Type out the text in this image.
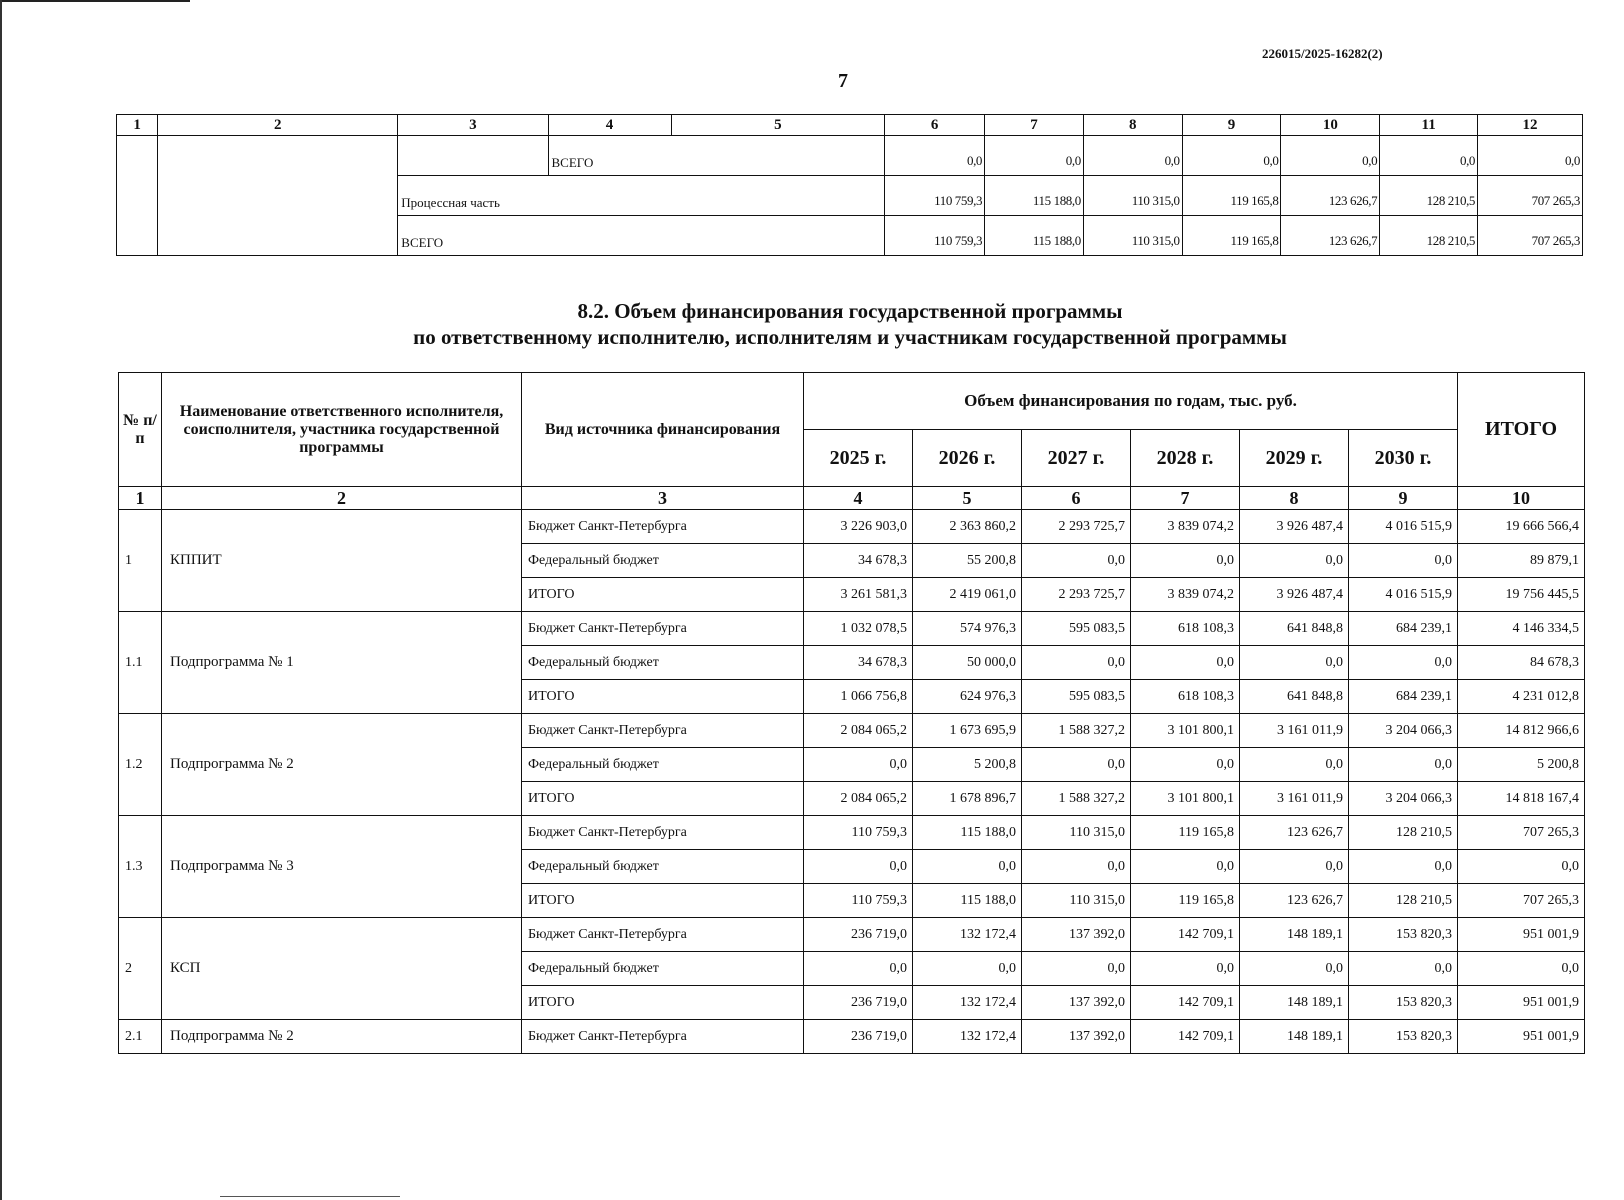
226015/2025-16282(2)
7
1	2	3	4	5	6	7	8	9	10	11	12
			ВСЕГО		0,0	0,0	0,0	0,0	0,0	0,0	0,0
		Процессная часть			110 759,3	115 188,0	110 315,0	119 165,8	123 626,7	128 210,5	707 265,3
		ВСЕГО			110 759,3	115 188,0	110 315,0	119 165,8	123 626,7	128 210,5	707 265,3
8.2. Объем финансирования государственной программы
по ответственному исполнителю, исполнителям и участникам государственной программы
№ п/п	Наименование ответственного исполнителя, соисполнителя, участника государственной программы	Вид источника финансирования	Объем финансирования по годам, тыс. руб.						ИТОГО
			2025 г.	2026 г.	2027 г.	2028 г.	2029 г.	2030 г.	
1	2	3	4	5	6	7	8	9	10
1	КППИТ	Бюджет Санкт-Петербурга	3 226 903,0	2 363 860,2	2 293 725,7	3 839 074,2	3 926 487,4	4 016 515,9	19 666 566,4
		Федеральный бюджет	34 678,3	55 200,8	0,0	0,0	0,0	0,0	89 879,1
		ИТОГО	3 261 581,3	2 419 061,0	2 293 725,7	3 839 074,2	3 926 487,4	4 016 515,9	19 756 445,5
1.1	Подпрограмма № 1	Бюджет Санкт-Петербурга	1 032 078,5	574 976,3	595 083,5	618 108,3	641 848,8	684 239,1	4 146 334,5
		Федеральный бюджет	34 678,3	50 000,0	0,0	0,0	0,0	0,0	84 678,3
		ИТОГО	1 066 756,8	624 976,3	595 083,5	618 108,3	641 848,8	684 239,1	4 231 012,8
1.2	Подпрограмма № 2	Бюджет Санкт-Петербурга	2 084 065,2	1 673 695,9	1 588 327,2	3 101 800,1	3 161 011,9	3 204 066,3	14 812 966,6
		Федеральный бюджет	0,0	5 200,8	0,0	0,0	0,0	0,0	5 200,8
		ИТОГО	2 084 065,2	1 678 896,7	1 588 327,2	3 101 800,1	3 161 011,9	3 204 066,3	14 818 167,4
1.3	Подпрограмма № 3	Бюджет Санкт-Петербурга	110 759,3	115 188,0	110 315,0	119 165,8	123 626,7	128 210,5	707 265,3
		Федеральный бюджет	0,0	0,0	0,0	0,0	0,0	0,0	0,0
		ИТОГО	110 759,3	115 188,0	110 315,0	119 165,8	123 626,7	128 210,5	707 265,3
2	КСП	Бюджет Санкт-Петербурга	236 719,0	132 172,4	137 392,0	142 709,1	148 189,1	153 820,3	951 001,9
		Федеральный бюджет	0,0	0,0	0,0	0,0	0,0	0,0	0,0
		ИТОГО	236 719,0	132 172,4	137 392,0	142 709,1	148 189,1	153 820,3	951 001,9
2.1	Подпрограмма № 2	Бюджет Санкт-Петербурга	236 719,0	132 172,4	137 392,0	142 709,1	148 189,1	153 820,3	951 001,9
